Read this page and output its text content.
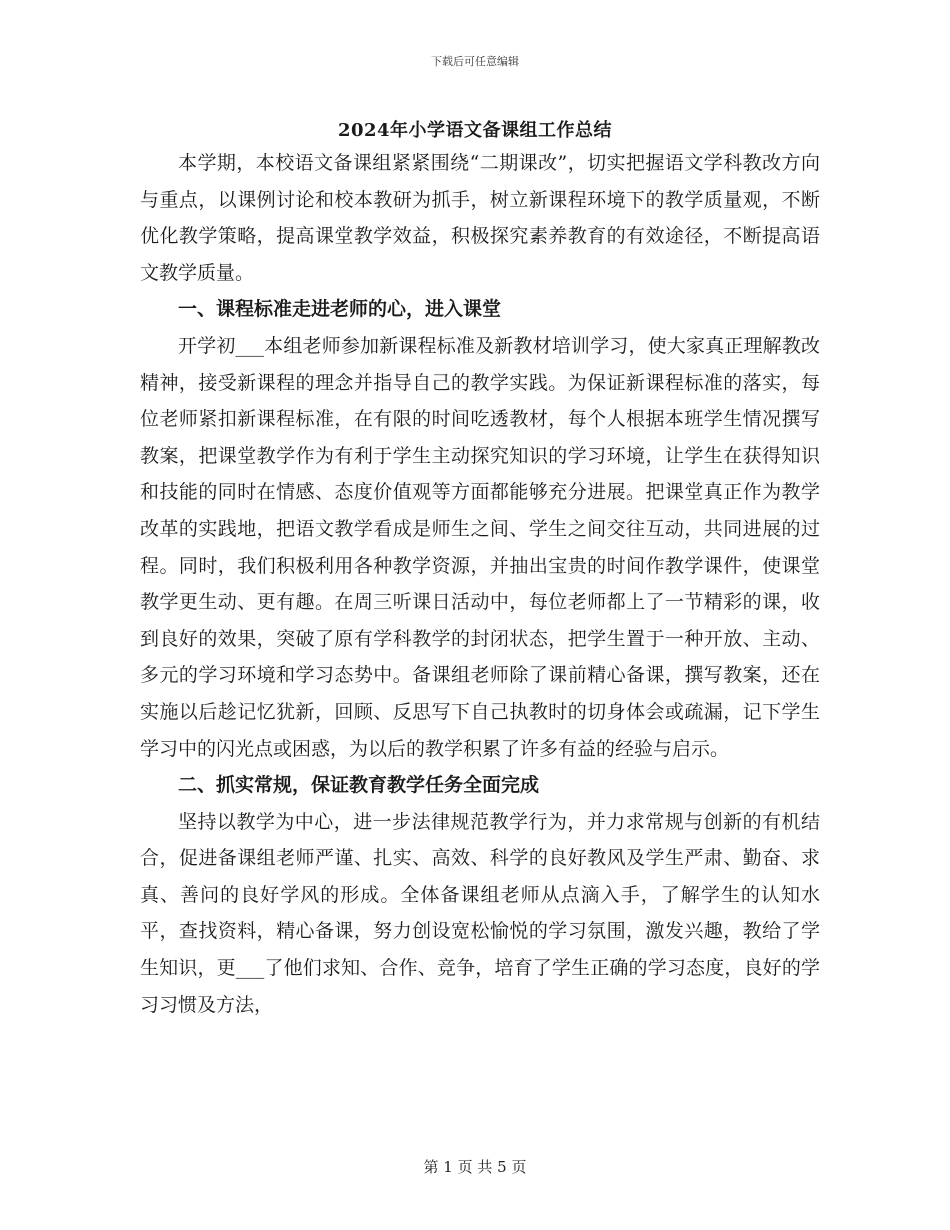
下载后可任意编辑
2024年小学语文备课组工作总结

本学期，本校语文备课组紧紧围绕“二期课改”，切实把握语文学科教改方向与重点，以课例讨论和校本教研为抓手，树立新课程环境下的教学质量观，不断优化教学策略，提高课堂教学效益，积极探究素养教育的有效途径，不断提高语文教学质量。

一、课程标准走进老师的心，进入课堂

开学初___本组老师参加新课程标准及新教材培训学习，使大家真正理解教改精神，接受新课程的理念并指导自己的教学实践。为保证新课程标准的落实，每位老师紧扣新课程标准，在有限的时间吃透教材，每个人根据本班学生情况撰写教案，把课堂教学作为有利于学生主动探究知识的学习环境，让学生在获得知识和技能的同时在情感、态度价值观等方面都能够充分进展。把课堂真正作为教学改革的实践地，把语文教学看成是师生之间、学生之间交往互动，共同进展的过程。同时，我们积极利用各种教学资源，并抽出宝贵的时间作教学课件，使课堂教学更生动、更有趣。在周三听课日活动中，每位老师都上了一节精彩的课，收到良好的效果，突破了原有学科教学的封闭状态，把学生置于一种开放、主动、多元的学习环境和学习态势中。备课组老师除了课前精心备课，撰写教案，还在实施以后趁记忆犹新，回顾、反思写下自己执教时的切身体会或疏漏，记下学生学习中的闪光点或困惑，为以后的教学积累了许多有益的经验与启示。

二、抓实常规，保证教育教学任务全面完成

坚持以教学为中心，进一步法律规范教学行为，并力求常规与创新的有机结合，促进备课组老师严谨、扎实、高效、科学的良好教风及学生严肃、勤奋、求真、善问的良好学风的形成。全体备课组老师从点滴入手，了解学生的认知水平，查找资料，精心备课，努力创设宽松愉悦的学习氛围，激发兴趣，教给了学生知识，更___了他们求知、合作、竞争，培育了学生正确的学习态度，良好的学习习惯及方法，

第 1 页 共 5 页
